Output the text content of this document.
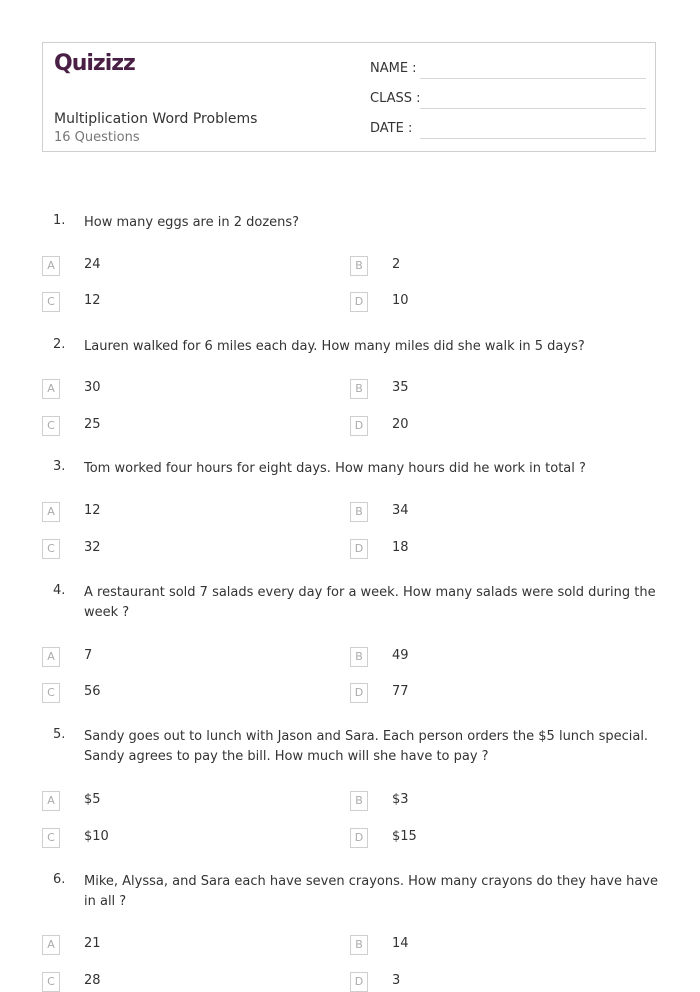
Quizizz
Multiplication Word Problems
16 Questions
NAME :
CLASS :
DATE :
1. How many eggs are in 2 dozens?
A	24	B	2
C	12	D	10
2. Lauren walked for 6 miles each day. How many miles did she walk in 5 days?
A	30	B	35
C	25	D	20
3. Tom worked four hours for eight days. How many hours did he work in total ?
A	12	B	34
C	32	D	18
4. A restaurant sold 7 salads every day for a week. How many salads were sold during the week ?
A	7	B	49
C	56	D	77
5. Sandy goes out to lunch with Jason and Sara. Each person orders the $5 lunch special. Sandy agrees to pay the bill. How much will she have to pay ?
A	$5	B	$3
C	$10	D	$15
6. Mike, Alyssa, and Sara each have seven crayons. How many crayons do they have have in all ?
A	21	B	14
C	28	D	3
